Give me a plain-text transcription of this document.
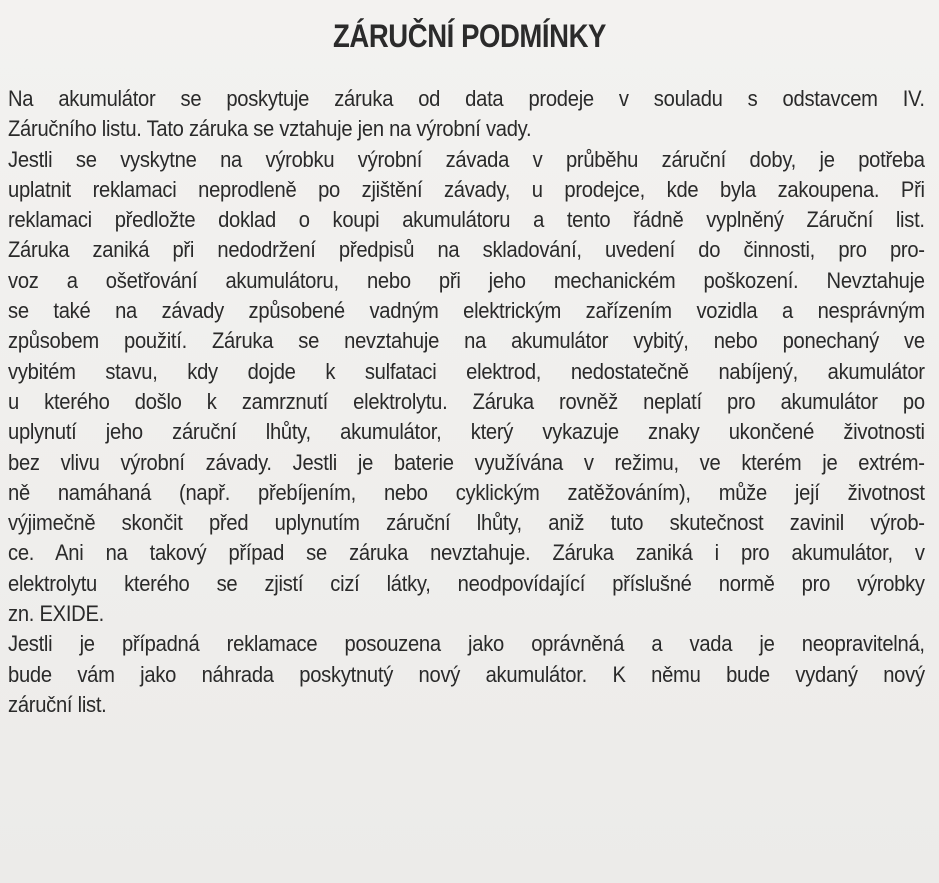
ZÁRUČNÍ PODMÍNKY
Na akumulátor se poskytuje záruka od data prodeje v souladu s odstavcem IV.
Záručního listu. Tato záruka se vztahuje jen na výrobní vady.
Jestli se vyskytne na výrobku výrobní závada v průběhu záruční doby, je potřeba
uplatnit reklamaci neprodleně po zjištění závady, u prodejce, kde byla zakoupena. Při
reklamaci předložte doklad o koupi akumulátoru a tento řádně vyplněný Záruční list.
Záruka zaniká při nedodržení předpisů na skladování, uvedení do činnosti, pro pro-
voz a ošetřování akumulátoru, nebo při jeho mechanickém poškození. Nevztahuje
se také na závady způsobené vadným elektrickým zařízením vozidla a nesprávným
způsobem použití. Záruka se nevztahuje na akumulátor vybitý, nebo ponechaný ve
vybitém stavu, kdy dojde k sulfataci elektrod, nedostatečně nabíjený, akumulátor
u kterého došlo k zamrznutí elektrolytu. Záruka rovněž neplatí pro akumulátor po
uplynutí jeho záruční lhůty, akumulátor, který vykazuje znaky ukončené životnosti
bez vlivu výrobní závady. Jestli je baterie využívána v režimu, ve kterém je extrém-
ně namáhaná (např. přebíjením, nebo cyklickým zatěžováním), může její životnost
výjimečně skončit před uplynutím záruční lhůty, aniž tuto skutečnost zavinil výrob-
ce. Ani na takový případ se záruka nevztahuje. Záruka zaniká i pro akumulátor, v
elektrolytu kterého se zjistí cizí látky, neodpovídající příslušné normě pro výrobky
zn. EXIDE.
Jestli je případná reklamace posouzena jako oprávněná a vada je neopravitelná,
bude vám jako náhrada poskytnutý nový akumulátor. K němu bude vydaný nový
záruční list.
